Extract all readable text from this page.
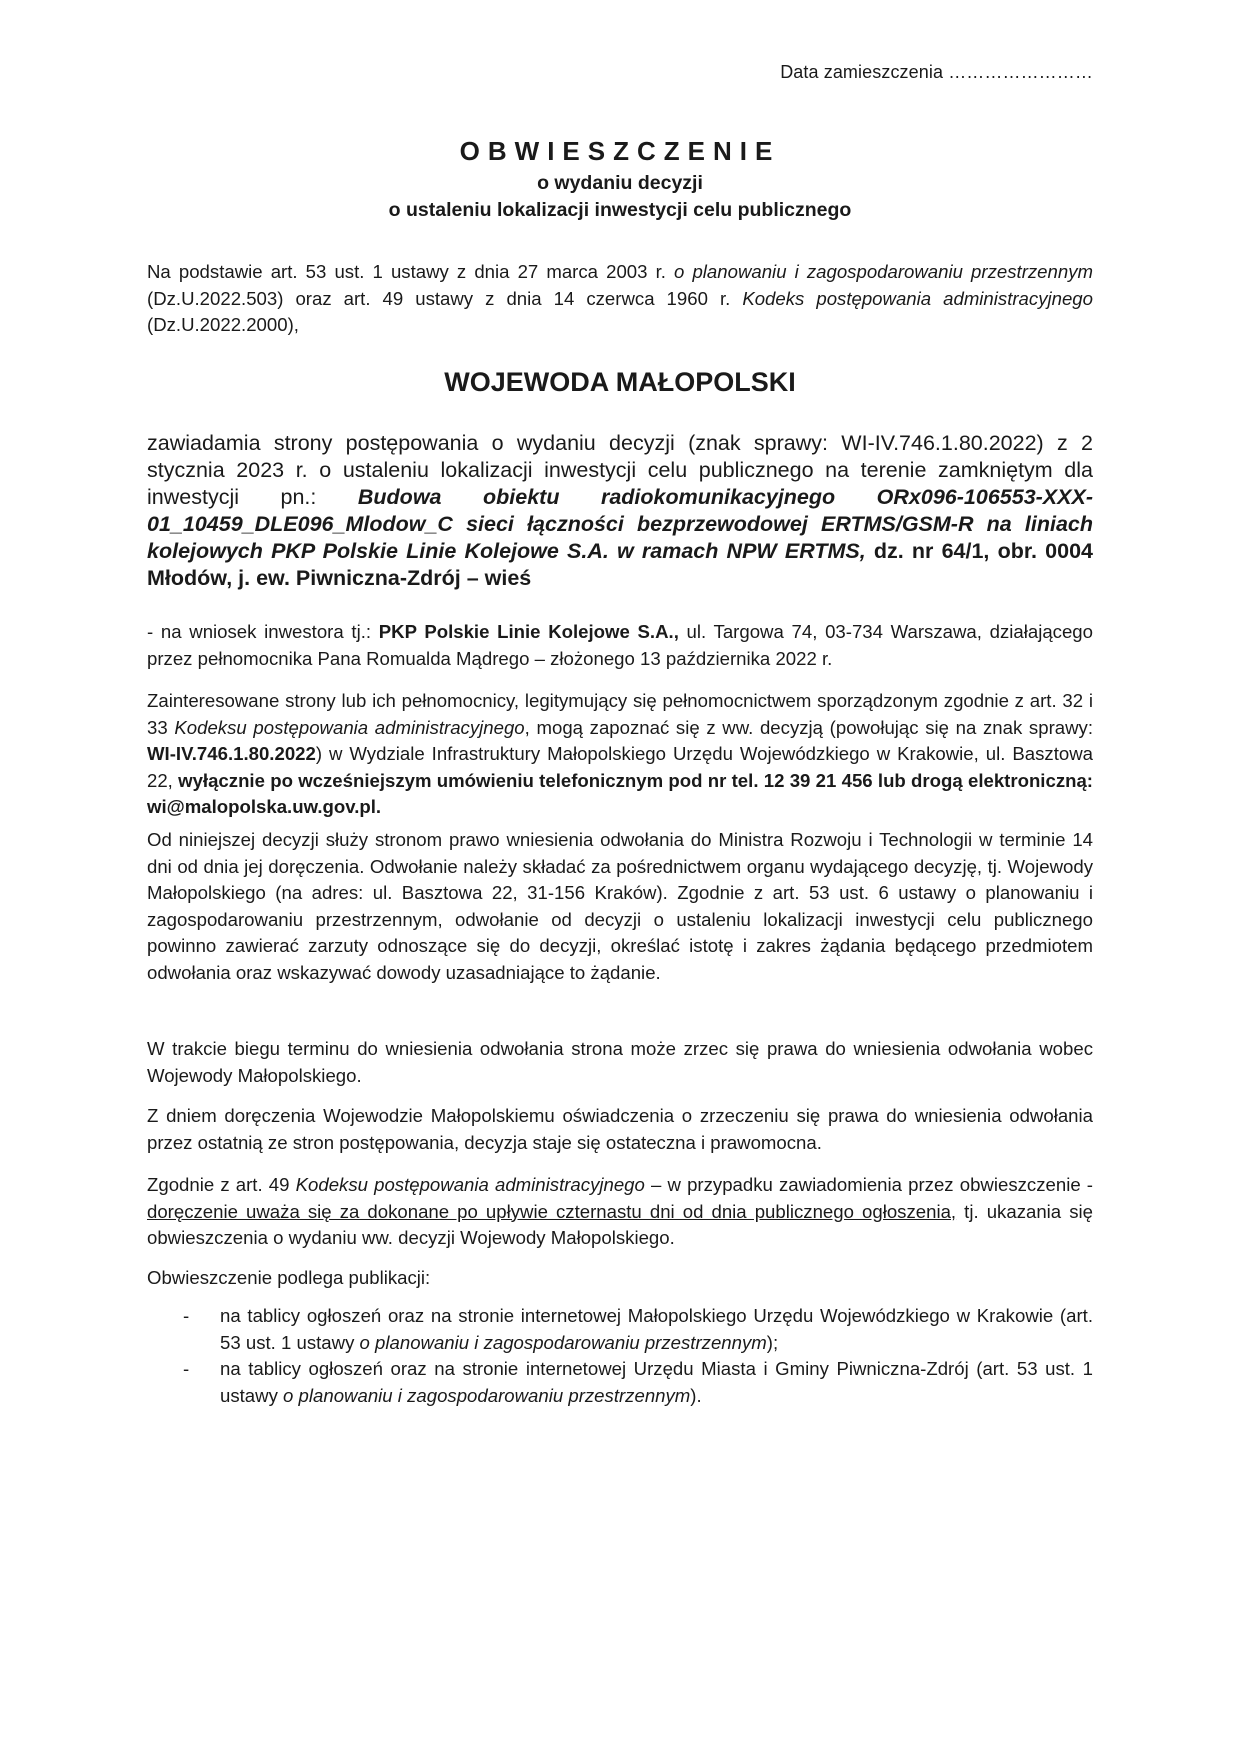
Data zamieszczenia ……………………
OBWIESZCZENIE
o wydaniu decyzji
o ustaleniu lokalizacji inwestycji celu publicznego

Na podstawie art. 53 ust. 1 ustawy z dnia 27 marca 2003 r. o planowaniu i zagospodarowaniu przestrzennym (Dz.U.2022.503) oraz art. 49 ustawy z dnia 14 czerwca 1960 r. Kodeks postępowania administracyjnego (Dz.U.2022.2000),

WOJEWODA MAŁOPOLSKI

zawiadamia strony postępowania o wydaniu decyzji (znak sprawy: WI-IV.746.1.80.2022) z 2 stycznia 2023 r. o ustaleniu lokalizacji inwestycji celu publicznego na terenie zamkniętym dla inwestycji pn.: Budowa obiektu radiokomunikacyjnego ORx096-106553-XXX-01_10459_DLE096_Mlodow_C sieci łączności bezprzewodowej ERTMS/GSM-R na liniach kolejowych PKP Polskie Linie Kolejowe S.A. w ramach NPW ERTMS, dz. nr 64/1, obr. 0004 Młodów, j. ew. Piwniczna-Zdrój – wieś

- na wniosek inwestora tj.: PKP Polskie Linie Kolejowe S.A., ul. Targowa 74, 03-734 Warszawa, działającego przez pełnomocnika Pana Romualda Mądrego – złożonego 13 października 2022 r.

Zainteresowane strony lub ich pełnomocnicy, legitymujący się pełnomocnictwem sporządzonym zgodnie z art. 32 i 33 Kodeksu postępowania administracyjnego, mogą zapoznać się z ww. decyzją (powołując się na znak sprawy: WI-IV.746.1.80.2022) w Wydziale Infrastruktury Małopolskiego Urzędu Wojewódzkiego w Krakowie, ul. Basztowa 22, wyłącznie po wcześniejszym umówieniu telefonicznym pod nr tel. 12 39 21 456 lub drogą elektroniczną: wi@malopolska.uw.gov.pl.

Od niniejszej decyzji służy stronom prawo wniesienia odwołania do Ministra Rozwoju i Technologii w terminie 14 dni od dnia jej doręczenia. Odwołanie należy składać za pośrednictwem organu wydającego decyzję, tj. Wojewody Małopolskiego (na adres: ul. Basztowa 22, 31-156 Kraków). Zgodnie z art. 53 ust. 6 ustawy o planowaniu i zagospodarowaniu przestrzennym, odwołanie od decyzji o ustaleniu lokalizacji inwestycji celu publicznego powinno zawierać zarzuty odnoszące się do decyzji, określać istotę i zakres żądania będącego przedmiotem odwołania oraz wskazywać dowody uzasadniające to żądanie.

W trakcie biegu terminu do wniesienia odwołania strona może zrzec się prawa do wniesienia odwołania wobec Wojewody Małopolskiego.

Z dniem doręczenia Wojewodzie Małopolskiemu oświadczenia o zrzeczeniu się prawa do wniesienia odwołania przez ostatnią ze stron postępowania, decyzja staje się ostateczna i prawomocna.

Zgodnie z art. 49 Kodeksu postępowania administracyjnego – w przypadku zawiadomienia przez obwieszczenie - doręczenie uważa się za dokonane po upływie czternastu dni od dnia publicznego ogłoszenia, tj. ukazania się obwieszczenia o wydaniu ww. decyzji Wojewody Małopolskiego.

Obwieszczenie podlega publikacji:

- na tablicy ogłoszeń oraz na stronie internetowej Małopolskiego Urzędu Wojewódzkiego w Krakowie (art. 53 ust. 1 ustawy o planowaniu i zagospodarowaniu przestrzennym);
- na tablicy ogłoszeń oraz na stronie internetowej Urzędu Miasta i Gminy Piwniczna-Zdrój (art. 53 ust. 1 ustawy o planowaniu i zagospodarowaniu przestrzennym).
